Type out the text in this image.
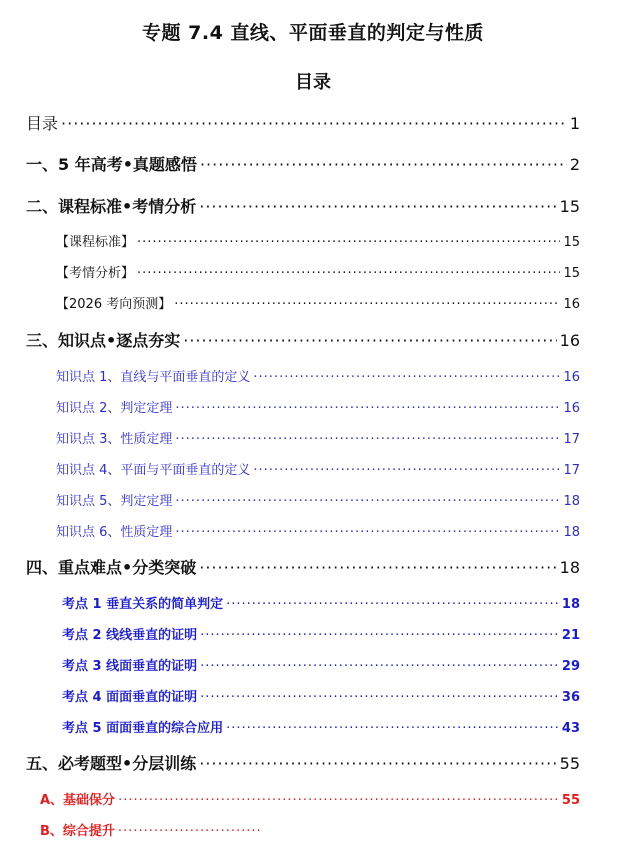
专题 7.4 直线、平面垂直的判定与性质
目录
目录 ·····	1
一、5 年高考•真题感悟 ·····	2
二、课程标准•考情分析 ·····	15
【课程标准】 ·····	15
【考情分析】 ·····	15
【2026 考向预测】 ·····	16
三、知识点•逐点夯实 ·····	16
知识点 1、直线与平面垂直的定义 ·····	16
知识点 2、判定定理 ·····	16
知识点 3、性质定理 ·····	17
知识点 4、平面与平面垂直的定义 ·····	17
知识点 5、判定定理 ·····	18
知识点 6、性质定理 ·····	18
四、重点难点•分类突破 ·····	18
考点 1 垂直关系的简单判定 ·····	18
考点 2 线线垂直的证明 ·····	21
考点 3 线面垂直的证明 ·····	29
考点 4 面面垂直的证明 ·····	36
考点 5 面面垂直的综合应用 ·····	43
五、必考题型•分层训练 ·····	55
A、基础保分 ·····	55
B、综合提升
·····
